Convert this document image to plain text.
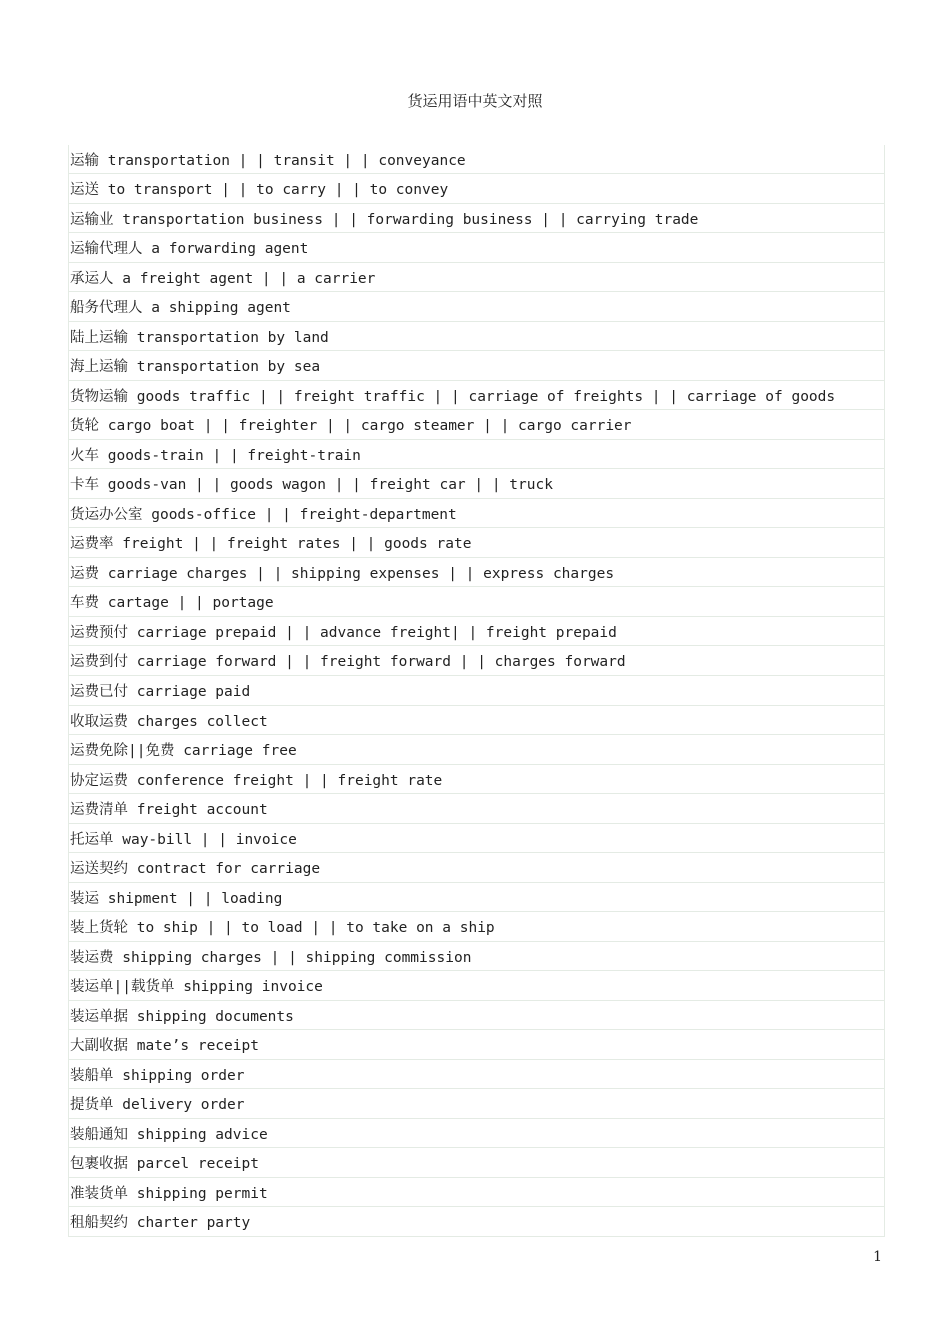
货运用语中英文对照
运输 transportation | | transit | | conveyance
运送 to transport | | to carry | | to convey
运输业 transportation business | | forwarding business | | carrying trade
运输代理人 a forwarding agent
承运人 a freight agent | | a carrier
船务代理人 a shipping agent
陆上运输 transportation by land
海上运输 transportation by sea
货物运输 goods traffic | | freight traffic | | carriage of freights | | carriage of goods
货轮 cargo boat | | freighter | | cargo steamer | | cargo carrier
火车 goods-train | | freight-train
卡车 goods-van | | goods wagon | | freight car | | truck
货运办公室 goods-office | | freight-department
运费率 freight | | freight rates | | goods rate
运费 carriage charges | | shipping expenses | | express charges
车费 cartage | | portage
运费预付 carriage prepaid | | advance freight| | freight prepaid
运费到付 carriage forward | | freight forward | | charges forward
运费已付 carriage paid
收取运费 charges collect
运费免除||免费 carriage free
协定运费 conference freight | | freight rate
运费清单 freight account
托运单 way-bill | | invoice
运送契约 contract for carriage
装运 shipment | | loading
装上货轮 to ship | | to load | | to take on a ship
装运费 shipping charges | | shipping commission
装运单||载货单 shipping invoice
装运单据 shipping documents
大副收据 mate’s receipt
装船单 shipping order
提货单 delivery order
装船通知 shipping advice
包裹收据 parcel receipt
准装货单 shipping permit
租船契约 charter party
1
